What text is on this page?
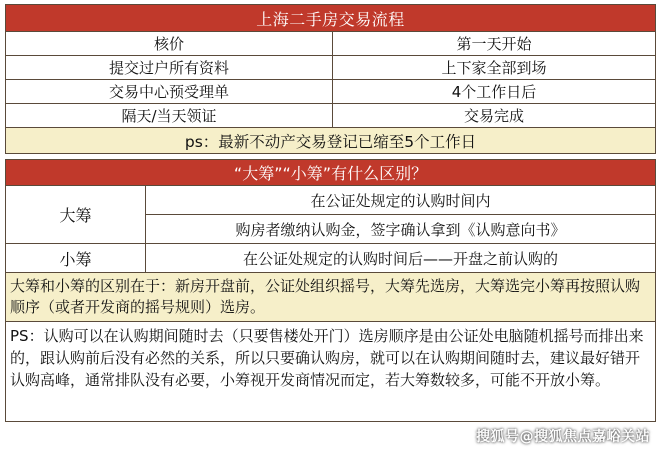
上海二手房交易流程	
核价	第一天开始
提交过户所有资料	上下家全部到场
交易中心预受理单	4个工作日后
隔天/当天领证	交易完成
ps：最新不动产交易登记已缩至5个工作日	
“大筹”“小筹”有什么区别？	
大筹	在公证处规定的认购时间内
	购房者缴纳认购金，签字确认拿到《认购意向书》
小筹	在公证处规定的认购时间后——开盘之前认购的
大筹和小筹的区别在于：新房开盘前，公证处组织摇号，大筹先选房，大筹选完小筹再按照认购顺序（或者开发商的摇号规则）选房。	
PS：认购可以在认购期间随时去（只要售楼处开门）选房顺序是由公证处电脑随机摇号而排出来的，跟认购前后没有必然的关系，所以只要确认购房，就可以在认购期间随时去，建议最好错开认购高峰，通常排队没有必要，小筹视开发商情况而定，若大筹数较多，可能不开放小筹。	
搜狐号@搜狐焦点嘉峪关站
